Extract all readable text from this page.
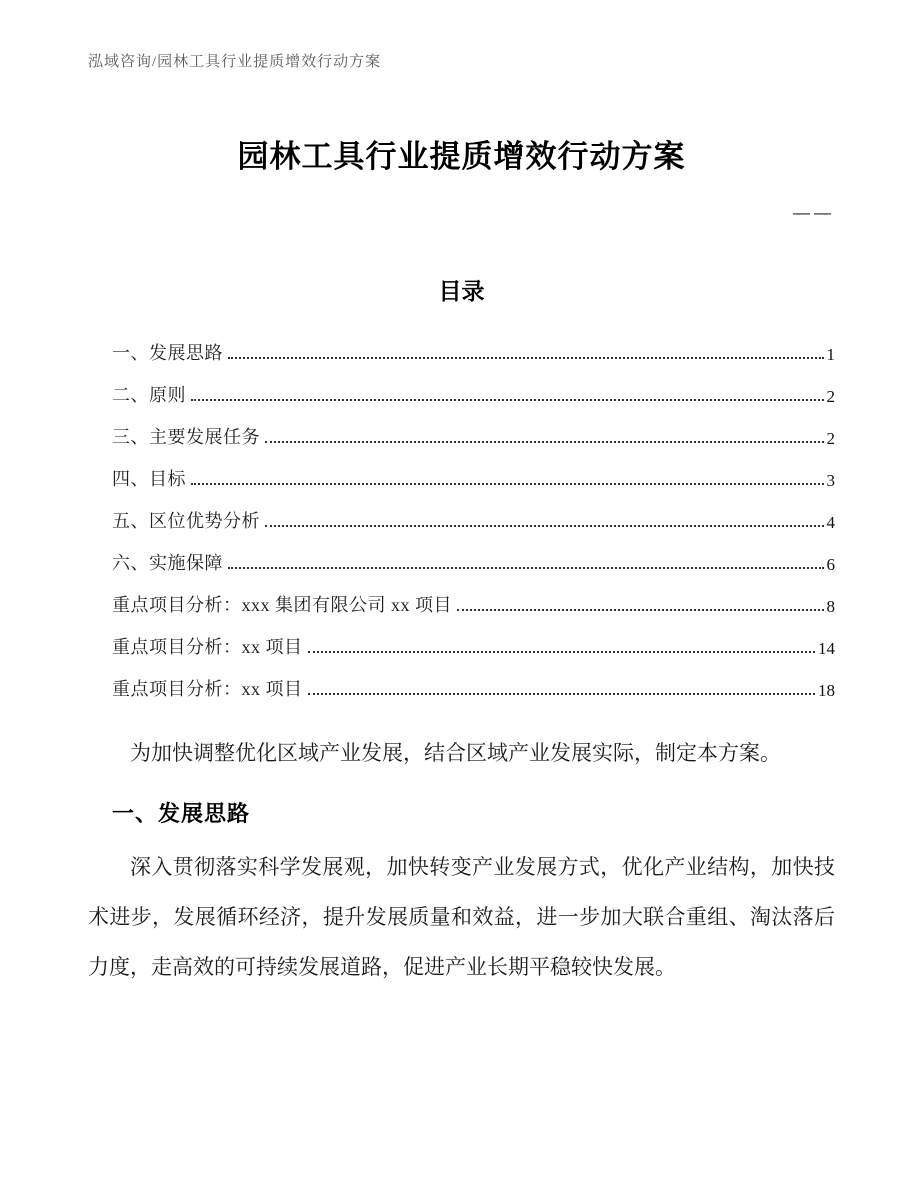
泓域咨询/园林工具行业提质增效行动方案
园林工具行业提质增效行动方案
——
目录
一、发展思路	1
二、原则	2
三、主要发展任务	2
四、目标	3
五、区位优势分析	4
六、实施保障	6
重点项目分析：xxx 集团有限公司 xx 项目	8
重点项目分析：xx 项目	14
重点项目分析：xx 项目	18
为加快调整优化区域产业发展，结合区域产业发展实际，制定本方案。
一、发展思路
深入贯彻落实科学发展观，加快转变产业发展方式，优化产业结构，加快技术进步，发展循环经济，提升发展质量和效益，进一步加大联合重组、淘汰落后力度，走高效的可持续发展道路，促进产业长期平稳较快发展。
